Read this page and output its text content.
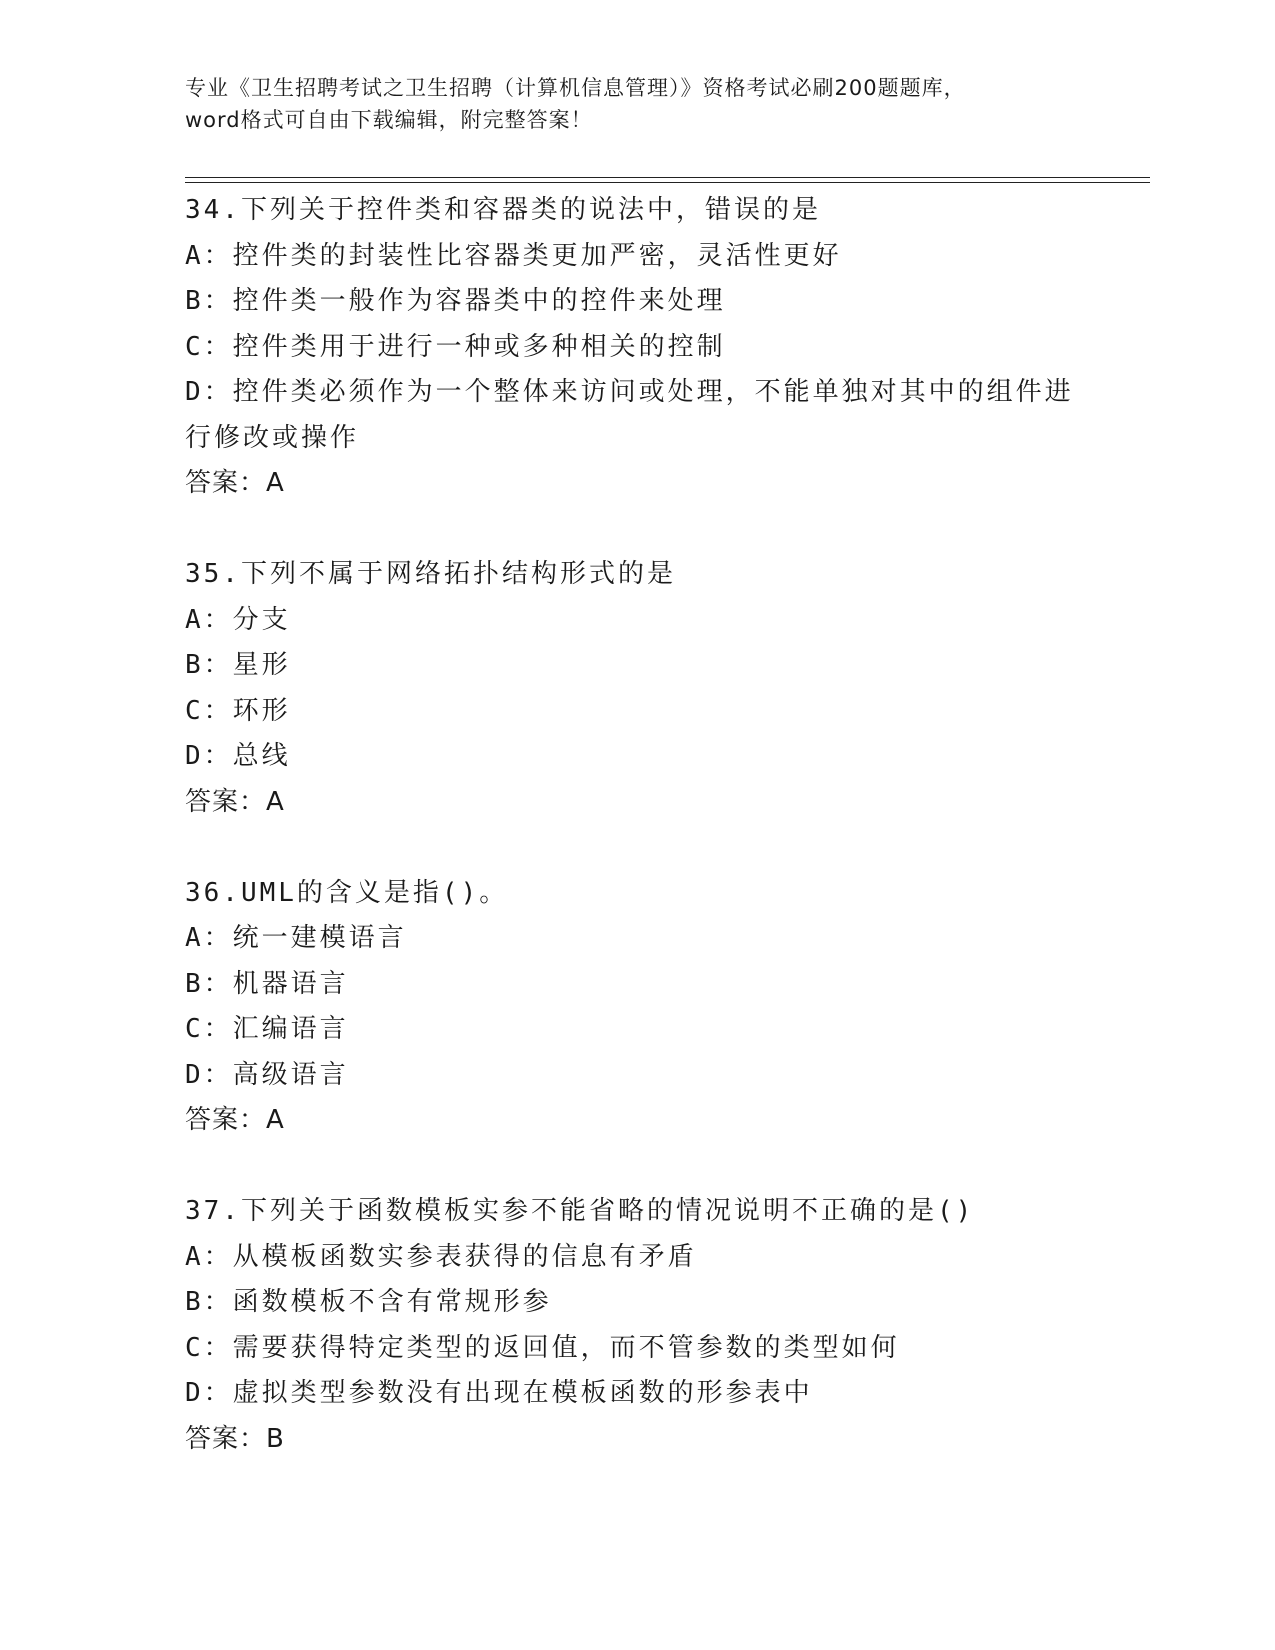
专业《卫生招聘考试之卫生招聘（计算机信息管理）》资格考试必刷200题题库，
word格式可自由下载编辑，附完整答案！
34.下列关于控件类和容器类的说法中，错误的是
A：控件类的封装性比容器类更加严密，灵活性更好
B：控件类一般作为容器类中的控件来处理
C：控件类用于进行一种或多种相关的控制
D：控件类必须作为一个整体来访问或处理，不能单独对其中的组件进
行修改或操作
答案：A
35.下列不属于网络拓扑结构形式的是
A：分支
B：星形
C：环形
D：总线
答案：A
36.UML的含义是指()。
A：统一建模语言
B：机器语言
C：汇编语言
D：高级语言
答案：A
37.下列关于函数模板实参不能省略的情况说明不正确的是()
A：从模板函数实参表获得的信息有矛盾
B：函数模板不含有常规形参
C：需要获得特定类型的返回值，而不管参数的类型如何
D：虚拟类型参数没有出现在模板函数的形参表中
答案：B
